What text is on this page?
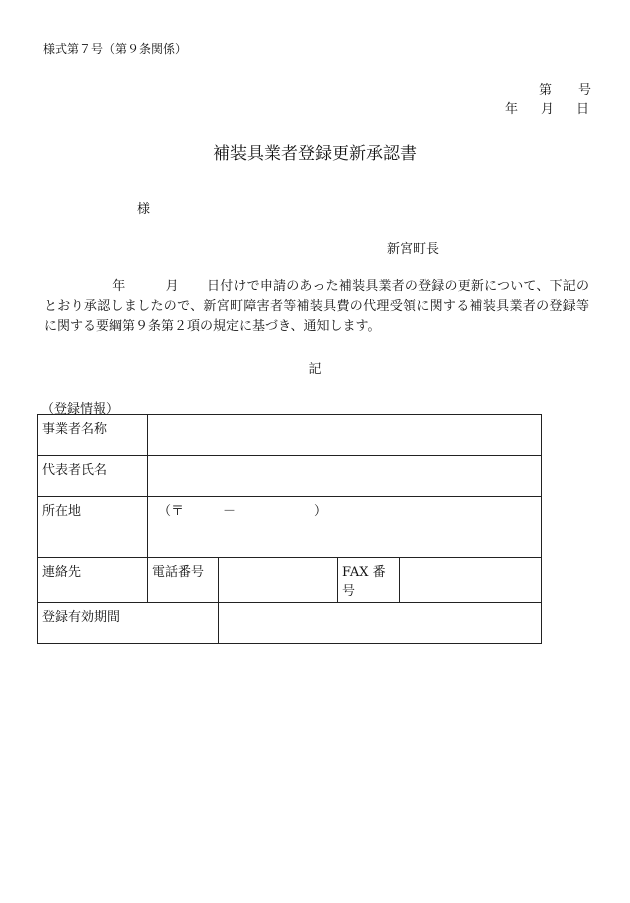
様式第７号（第９条関係）
第 号
年 月 日
補装具業者登録更新承認書
様
新宮町長
年	月 日付けで申請のあった補装具業者の登録の更新について、下記のとおり承認しましたので、新宮町障害者等補装具費の代理受領に関する補装具業者の登録等に関する要綱第９条第２項の規定に基づき、通知します。
記
（登録情報）
事業者名称				
代表者氏名				
所在地	（〒　　　－　　　　　　）			
連絡先	電話番号		FAX 番号	
登録有効期間				
